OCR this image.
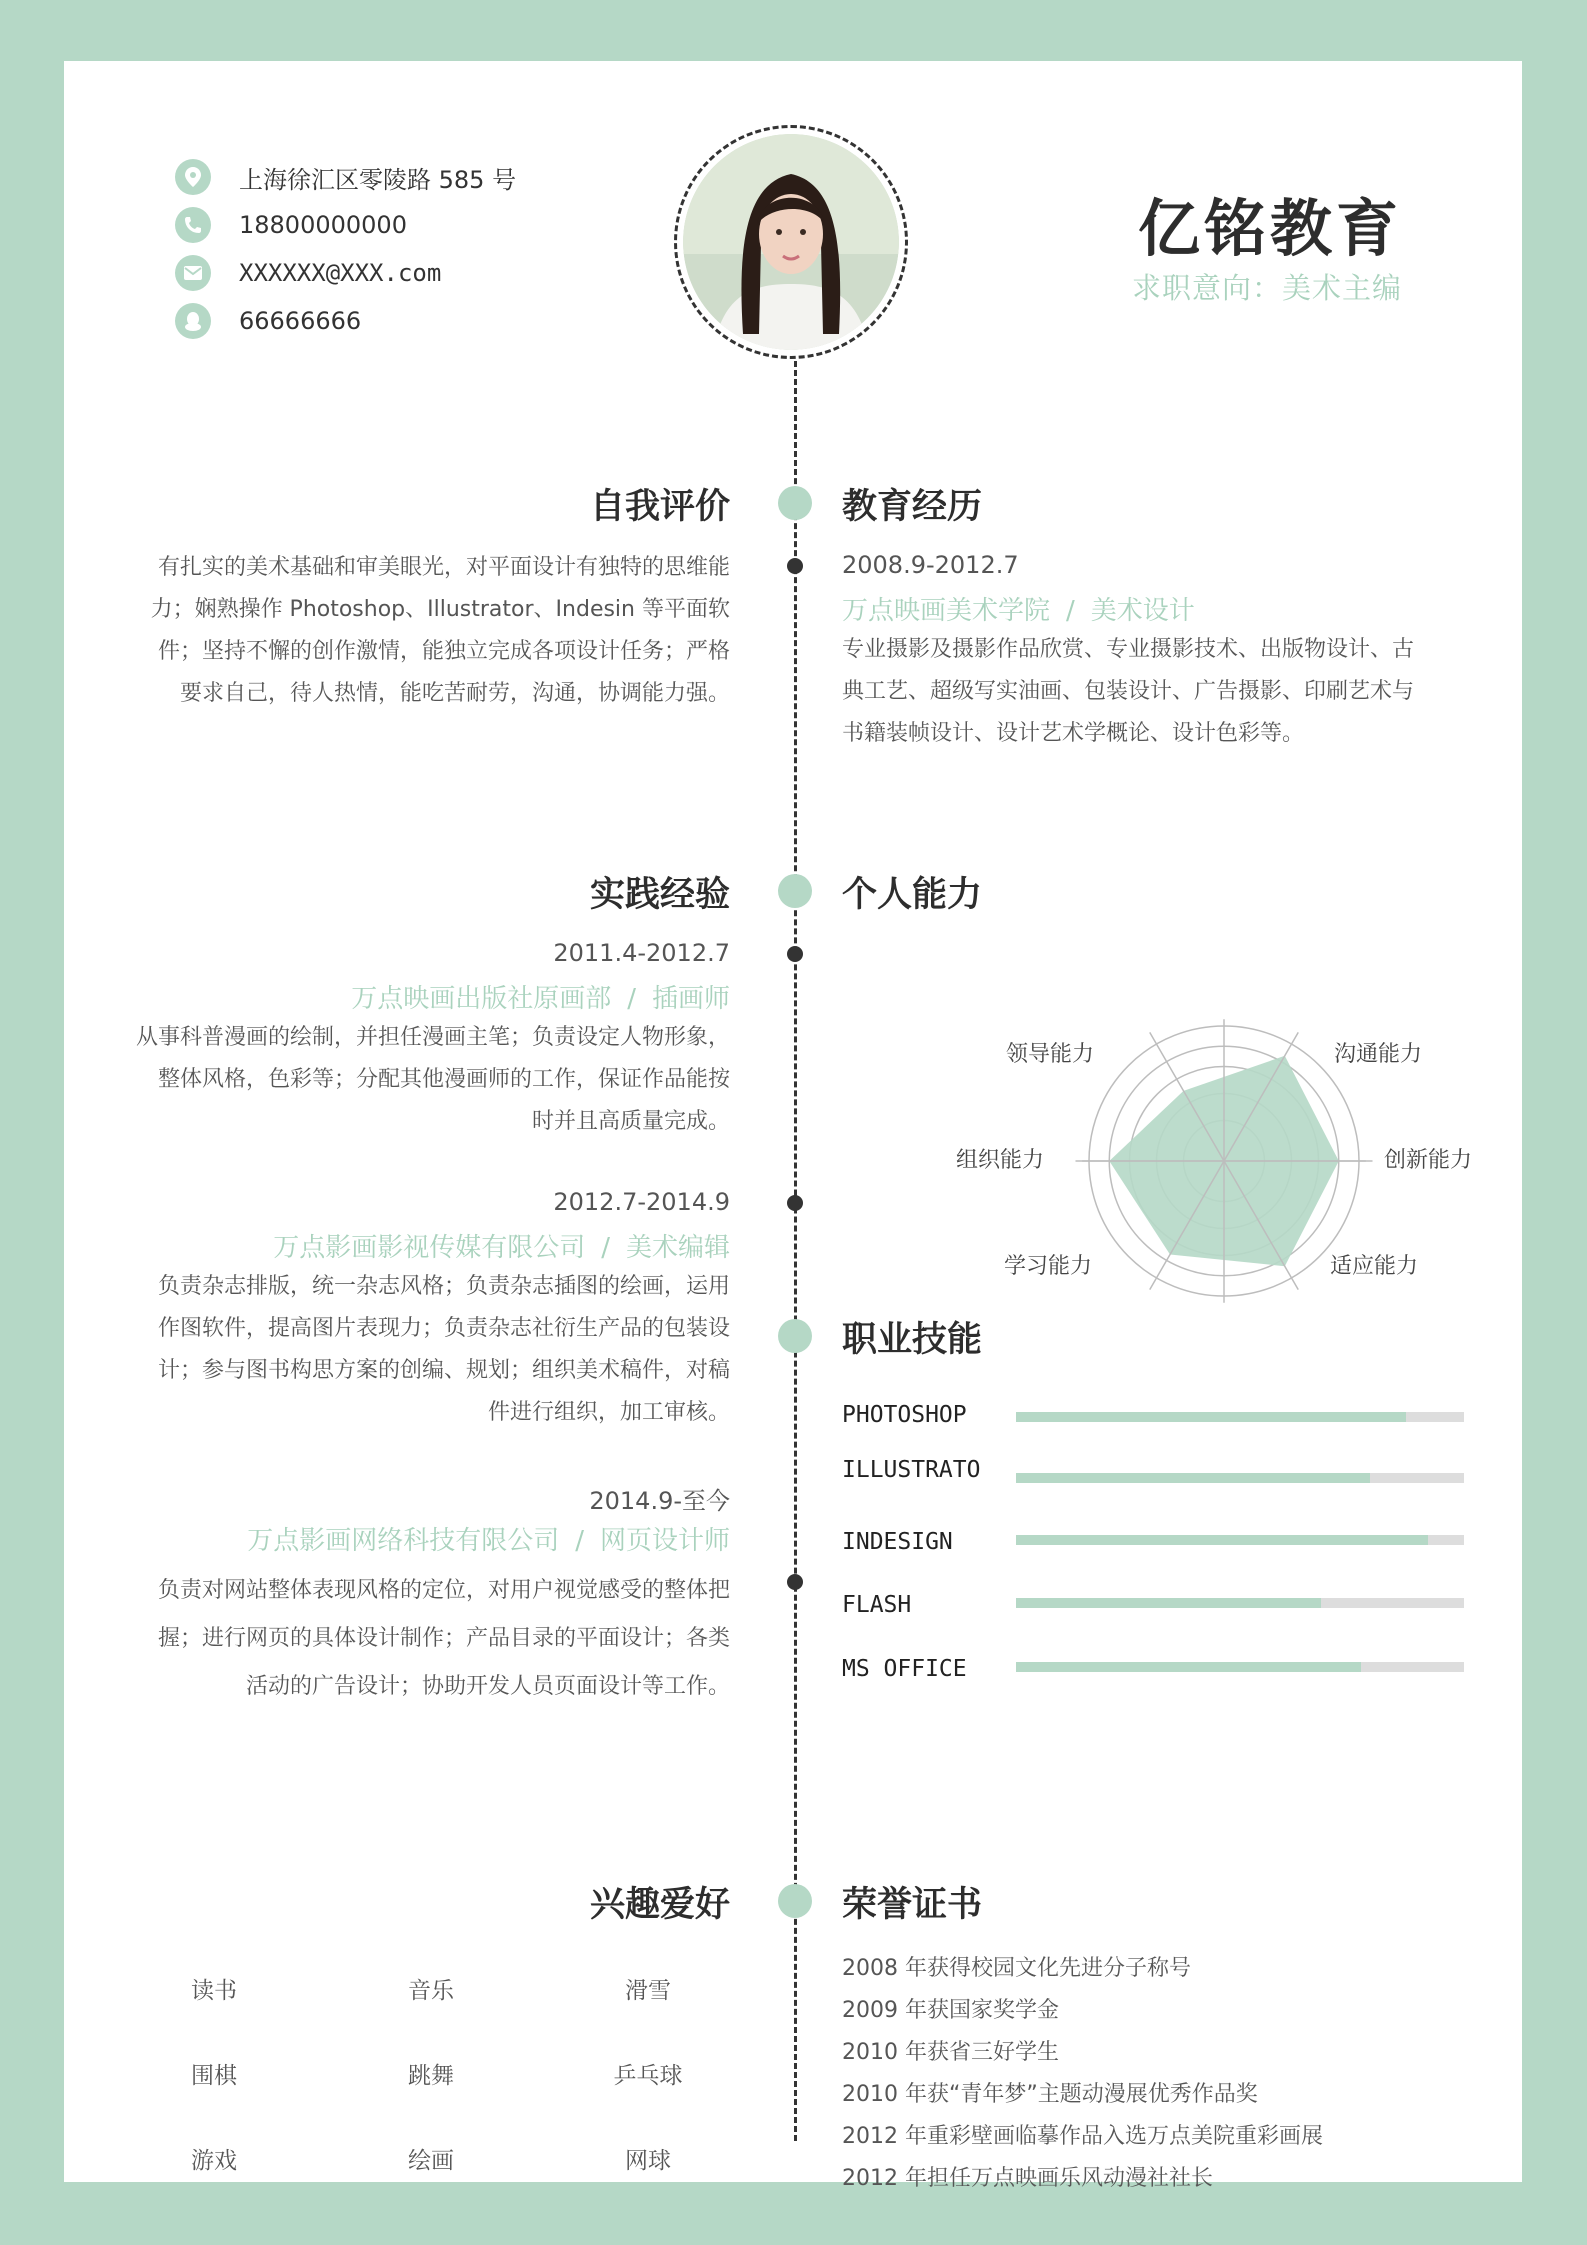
上海徐汇区零陵路 585 号
18800000000
XXXXXX@XXX.com
66666666
亿铭教育
求职意向：美术主编
自我评价	教育经历
有扎实的美术基础和审美眼光，对平面设计有独特的思维能
力；娴熟操作 Photoshop、Illustrator、Indesin 等平面软
件；坚持不懈的创作激情，能独立完成各项设计任务；严格
要求自己，待人热情，能吃苦耐劳，沟通，协调能力强。
2008.9-2012.7
万点映画美术学院 / 美术设计
专业摄影及摄影作品欣赏、专业摄影技术、出版物设计、古
典工艺、超级写实油画、包装设计、广告摄影、印刷艺术与
书籍装帧设计、设计艺术学概论、设计色彩等。
实践经验	个人能力
2011.4-2012.7
万点映画出版社原画部 / 插画师
从事科普漫画的绘制，并担任漫画主笔；负责设定人物形象，
整体风格，色彩等；分配其他漫画师的工作，保证作品能按
时并且高质量完成。
2012.7-2014.9
万点影画影视传媒有限公司 / 美术编辑
负责杂志排版，统一杂志风格；负责杂志插图的绘画，运用
作图软件，提高图片表现力；负责杂志社衍生产品的包装设
计；参与图书构思方案的创编、规划；组织美术稿件，对稿
件进行组织，加工审核。
2014.9-至今
万点影画网络科技有限公司 / 网页设计师
负责对网站整体表现风格的定位，对用户视觉感受的整体把
握；进行网页的具体设计制作；产品目录的平面设计；各类
活动的广告设计；协助开发人员页面设计等工作。
沟通能力
创新能力
适应能力
学习能力
组织能力
领导能力
职业技能
PHOTOSHOP
ILLUSTRATO
INDESIGN
FLASH
MS OFFICE
兴趣爱好	荣誉证书
读书	音乐	滑雪
围棋	跳舞	乒乓球
游戏	绘画	网球
2008 年获得校园文化先进分子称号
2009 年获国家奖学金
2010 年获省三好学生
2010 年获“青年梦”主题动漫展优秀作品奖
2012 年重彩壁画临摹作品入选万点美院重彩画展
2012 年担任万点映画乐风动漫社社长
